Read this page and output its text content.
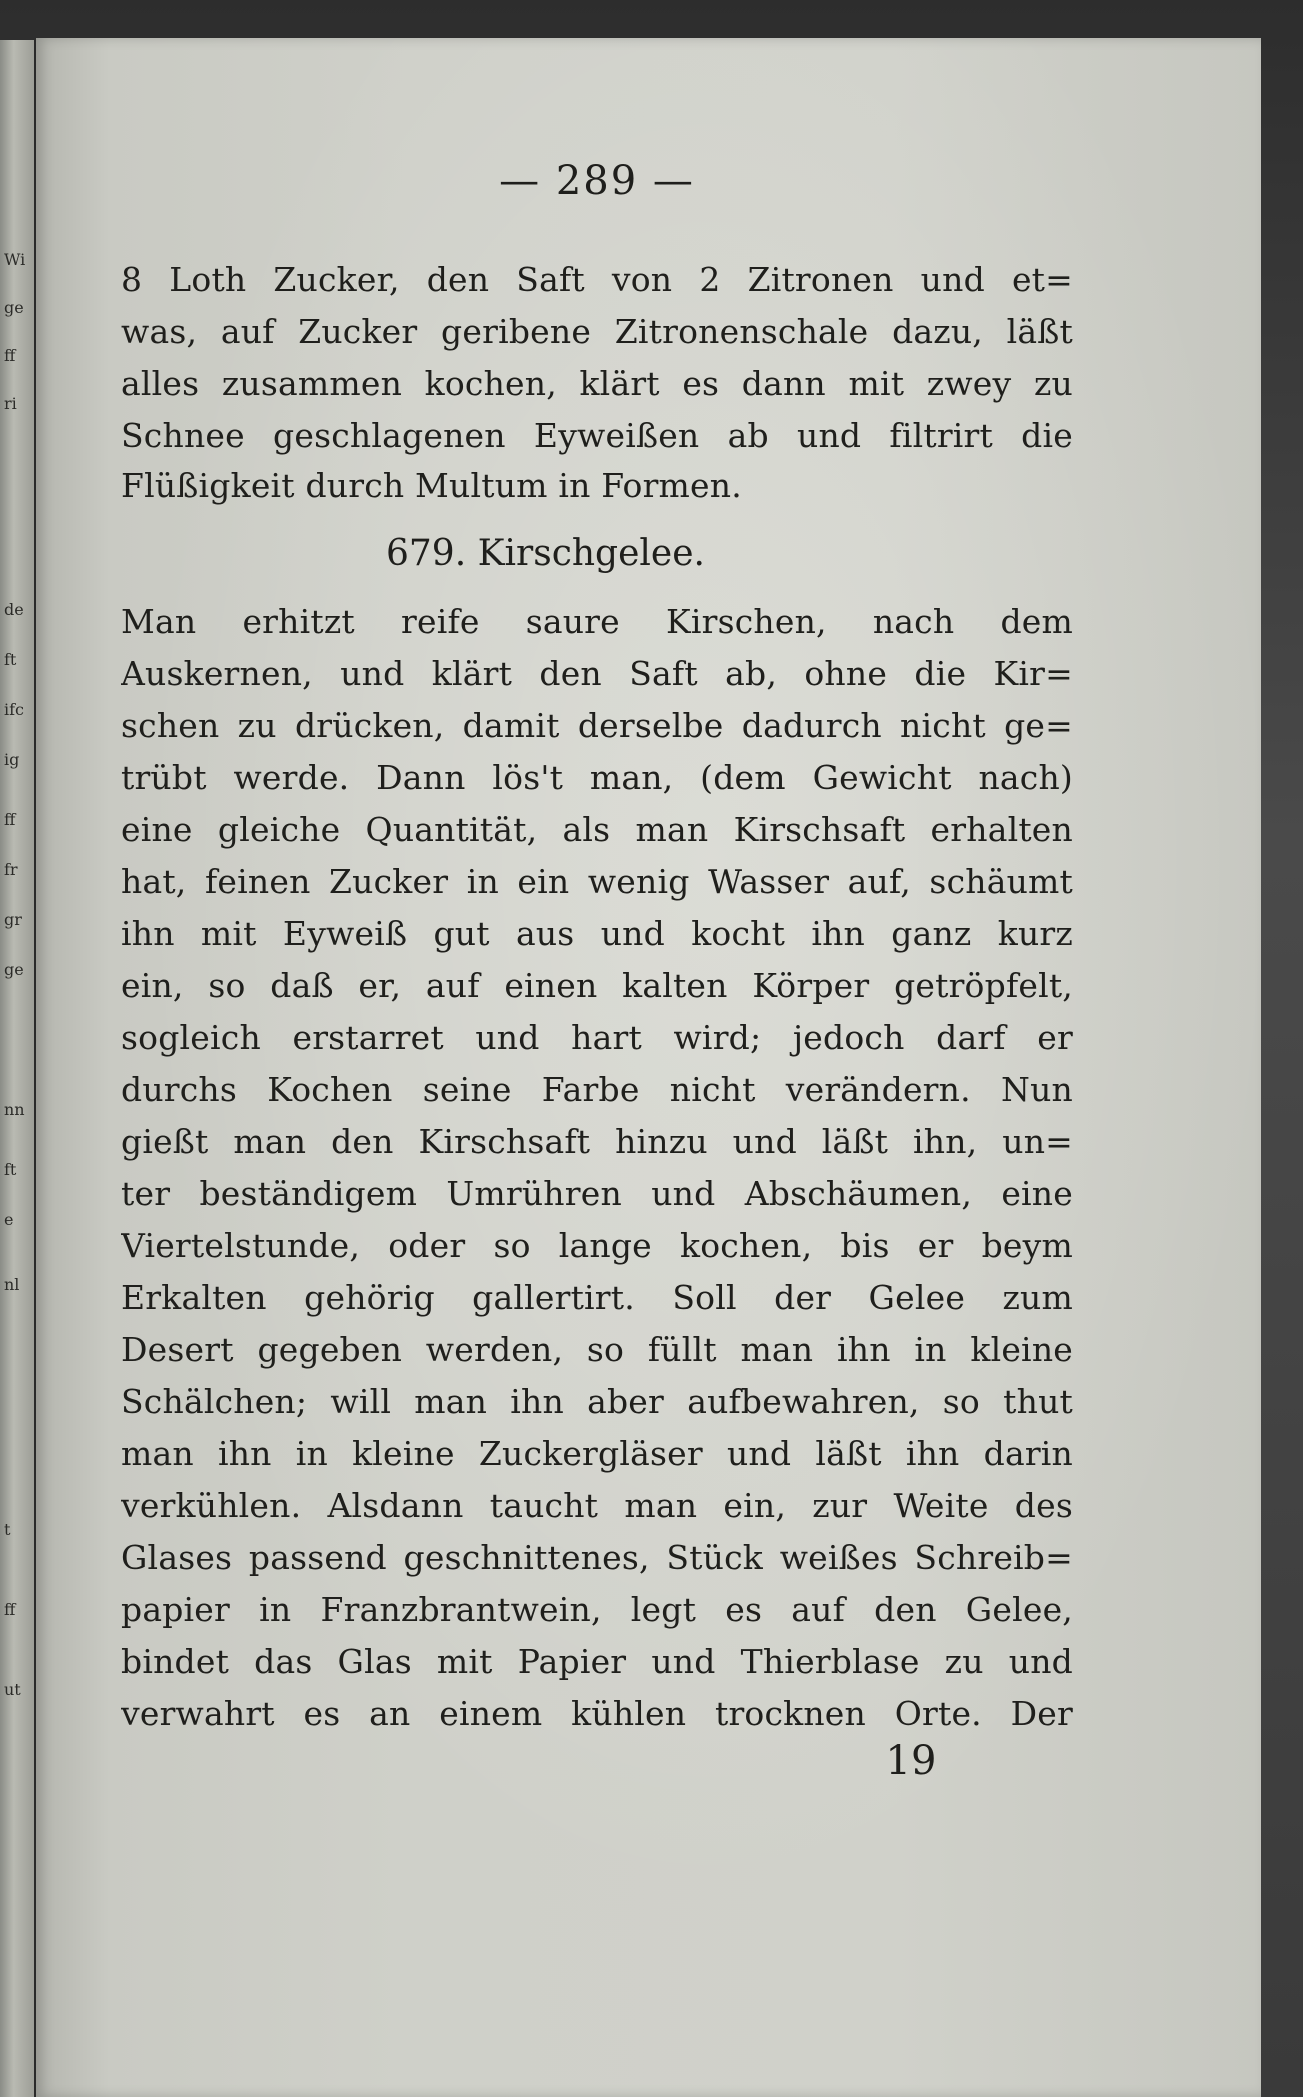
Wi
ge
ff
ri
de
ft
ifc
ig
ff
fr
gr
ge
nn
ft
e
nl
t
ff
ut
— 289 —
8 Loth Zucker, den Saft von 2 Zitronen und et=
was, auf Zucker geribene Zitronenschale dazu, läßt
alles zusammen kochen, klärt es dann mit zwey zu
Schnee geschlagenen Eyweißen ab und filtrirt die
Flüßigkeit durch Multum in Formen.
679. Kirschgelee.
Man erhitzt reife saure Kirschen, nach dem
Auskernen, und klärt den Saft ab, ohne die Kir=
schen zu drücken, damit derselbe dadurch nicht ge=
trübt werde. Dann lös't man, (dem Gewicht nach)
eine gleiche Quantität, als man Kirschsaft erhalten
hat, feinen Zucker in ein wenig Wasser auf, schäumt
ihn mit Eyweiß gut aus und kocht ihn ganz kurz
ein, so daß er, auf einen kalten Körper getröpfelt,
sogleich erstarret und hart wird; jedoch darf er
durchs Kochen seine Farbe nicht verändern. Nun
gießt man den Kirschsaft hinzu und läßt ihn, un=
ter beständigem Umrühren und Abschäumen, eine
Viertelstunde, oder so lange kochen, bis er beym
Erkalten gehörig gallertirt. Soll der Gelee zum
Desert gegeben werden, so füllt man ihn in kleine
Schälchen; will man ihn aber aufbewahren, so thut
man ihn in kleine Zuckergläser und läßt ihn darin
verkühlen. Alsdann taucht man ein, zur Weite des
Glases passend geschnittenes, Stück weißes Schreib=
papier in Franzbrantwein, legt es auf den Gelee,
bindet das Glas mit Papier und Thierblase zu und
verwahrt es an einem kühlen trocknen Orte. Der
19
